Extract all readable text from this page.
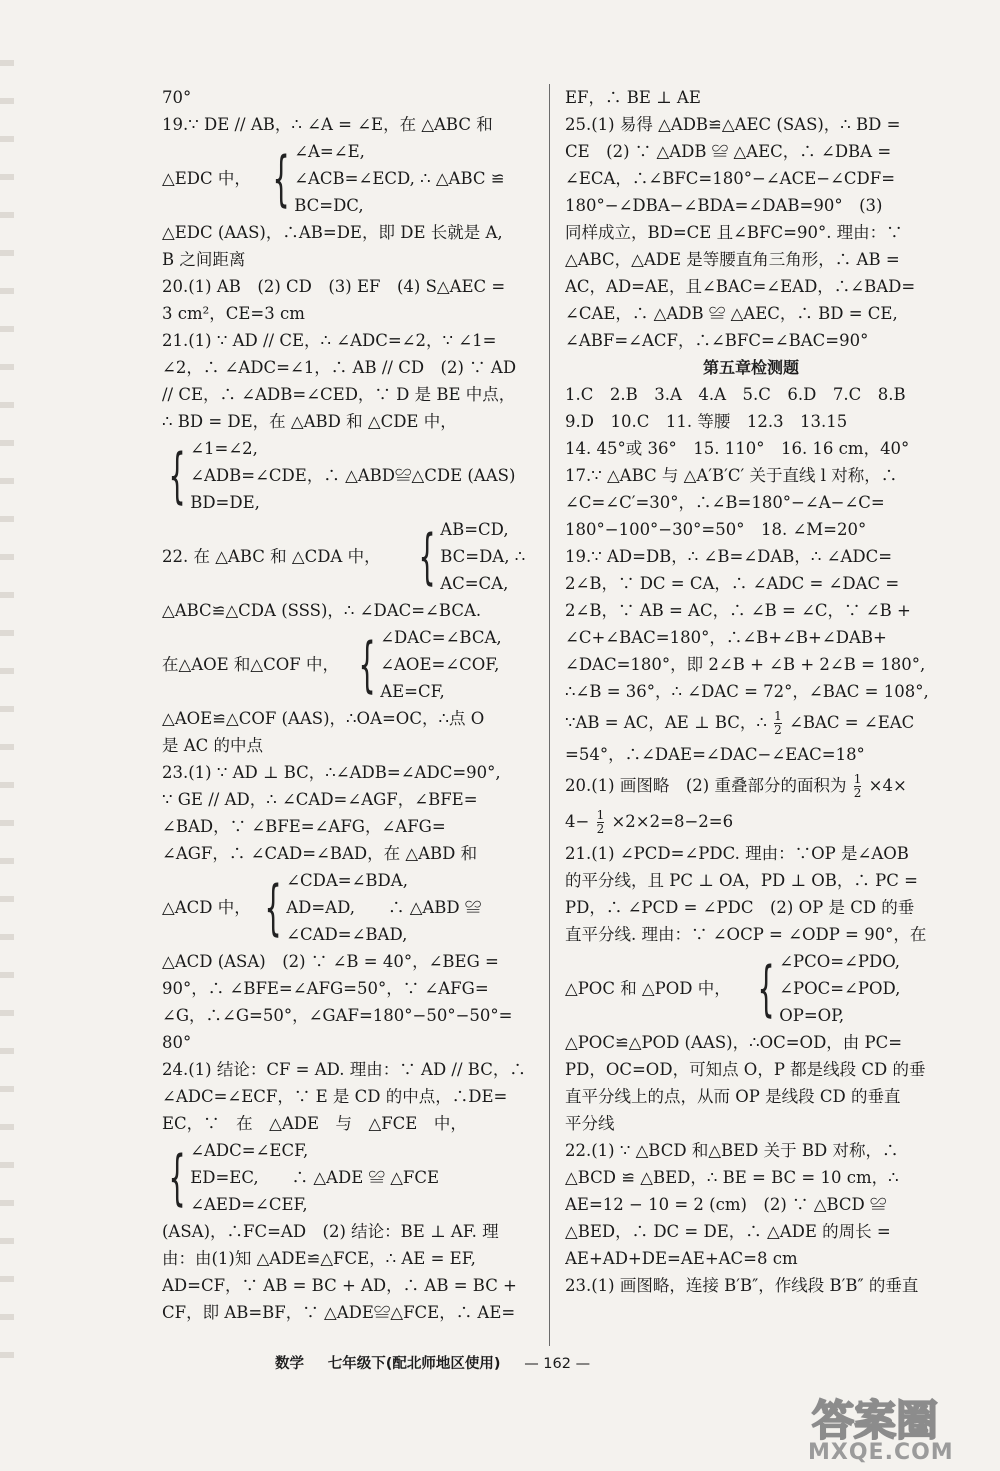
70°
19.∵ DE // AB，∴ ∠A = ∠E，在 △ABC 和
△EDC 中， { ∠A=∠E,
∠ACB=∠ECD, ∴ △ABC ≌
BC=DC,
△EDC (AAS)，∴AB=DE，即 DE 长就是 A,
B 之间距离
20.(1) AB　(2) CD　(3) EF　(4) S△AEC =
3 cm²，CE=3 cm
21.(1) ∵ AD // CE，∴ ∠ADC=∠2，∵ ∠1=
∠2，∴ ∠ADC=∠1，∴ AB // CD　(2) ∵ AD
// CE，∴ ∠ADB=∠CED，∵ D 是 BE 中点，
∴ BD = DE，在 △ABD 和 △CDE 中，
{ ∠1=∠2,
∠ADB=∠CDE，∴ △ABD≌△CDE (AAS)
BD=DE,
22. 在 △ABC 和 △CDA 中， { AB=CD,
BC=DA, ∴
AC=CA,
△ABC≌△CDA (SSS)，∴ ∠DAC=∠BCA.
在△AOE 和△COF 中， { ∠DAC=∠BCA,
∠AOE=∠COF,
AE=CF,
△AOE≌△COF (AAS)，∴OA=OC，∴点 O
是 AC 的中点
23.(1) ∵ AD ⊥ BC，∴∠ADB=∠ADC=90°,
∵ GE // AD，∴ ∠CAD=∠AGF，∠BFE=
∠BAD，∵ ∠BFE=∠AFG，∠AFG=
∠AGF，∴ ∠CAD=∠BAD，在 △ABD 和
△ACD 中， { ∠CDA=∠BDA,
AD=AD,　　∴ △ABD ≌
∠CAD=∠BAD,
△ACD (ASA)　(2) ∵ ∠B = 40°，∠BEG =
90°，∴ ∠BFE=∠AFG=50°，∵ ∠AFG=
∠G，∴∠G=50°，∠GAF=180°−50°−50°=
80°
24.(1) 结论：CF = AD. 理由：∵ AD // BC，∴
∠ADC=∠ECF，∵ E 是 CD 的中点，∴DE=
EC，∵　在　△ADE　与　△FCE　中，
{ ∠ADC=∠ECF,
ED=EC,　　∴ △ADE ≌ △FCE
∠AED=∠CEF,
(ASA)，∴FC=AD　(2) 结论：BE ⊥ AF. 理
由：由(1)知 △ADE≌△FCE，∴ AE = EF,
AD=CF，∵ AB = BC + AD，∴ AB = BC +
CF，即 AB=BF，∵ △ADE≌△FCE，∴ AE=
EF，∴ BE ⊥ AE
25.(1) 易得 △ADB≌△AEC (SAS)，∴ BD =
CE　(2) ∵ △ADB ≌ △AEC，∴ ∠DBA =
∠ECA，∴∠BFC=180°−∠ACE−∠CDF=
180°−∠DBA−∠BDA=∠DAB=90°　(3)
同样成立，BD=CE 且∠BFC=90°. 理由：∵
△ABC，△ADE 是等腰直角三角形，∴ AB =
AC，AD=AE，且∠BAC=∠EAD，∴∠BAD=
∠CAE，∴ △ADB ≌ △AEC，∴ BD = CE,
∠ABF=∠ACF，∴∠BFC=∠BAC=90°
第五章检测题
1.C　2.B　3.A　4.A　5.C　6.D　7.C　8.B
9.D　10.C　11. 等腰　12.3　13.15
14. 45°或 36°　15. 110°　16. 16 cm，40°
17.∵ △ABC 与 △A′B′C′ 关于直线 l 对称，∴
∠C=∠C′=30°，∴∠B=180°−∠A−∠C=
180°−100°−30°=50°　18. ∠M=20°
19.∵ AD=DB，∴ ∠B=∠DAB，∴ ∠ADC=
2∠B，∵ DC = CA，∴ ∠ADC = ∠DAC =
2∠B，∵ AB = AC，∴ ∠B = ∠C，∵ ∠B +
∠C+∠BAC=180°，∴∠B+∠B+∠DAB+
∠DAC=180°，即 2∠B + ∠B + 2∠B = 180°,
∴∠B = 36°，∴ ∠DAC = 72°，∠BAC = 108°,
∵AB = AC，AE ⊥ BC，∴ $\frac{1}{2}$ ∠BAC = ∠EAC
=54°，∴∠DAE=∠DAC−∠EAC=18°
20.(1) 画图略　(2) 重叠部分的面积为 $\frac{1}{2} \times 4\times$
$4- \frac{1}{2} \times 2\times 2=8-2=6$
21.(1) ∠PCD=∠PDC. 理由：∵OP 是∠AOB
的平分线，且 PC ⊥ OA，PD ⊥ OB，∴ PC =
PD，∴ ∠PCD = ∠PDC　(2) OP 是 CD 的垂
直平分线. 理由：∵ ∠OCP = ∠ODP = 90°，在
△POC 和 △POD 中， { ∠PCO=∠PDO,
∠POC=∠POD,
OP=OP,
△POC≌△POD (AAS)，∴OC=OD，由 PC=
PD，OC=OD，可知点 O，P 都是线段 CD 的垂
直平分线上的点，从而 OP 是线段 CD 的垂直
平分线
22.(1) ∵ △BCD 和△BED 关于 BD 对称，∴
△BCD ≌ △BED，∴ BE = BC = 10 cm，∴
AE=12 − 10 = 2 (cm)　(2) ∵ △BCD ≌
△BED，∴ DC = DE，∴ △ADE 的周长 =
AE+AD+DE=AE+AC=8 cm
23.(1) 画图略，连接 B′B″，作线段 B′B″ 的垂直
数学 　 七年级下(配北师地区使用) 　 — 162 —
答案圈
MXQE.COM
